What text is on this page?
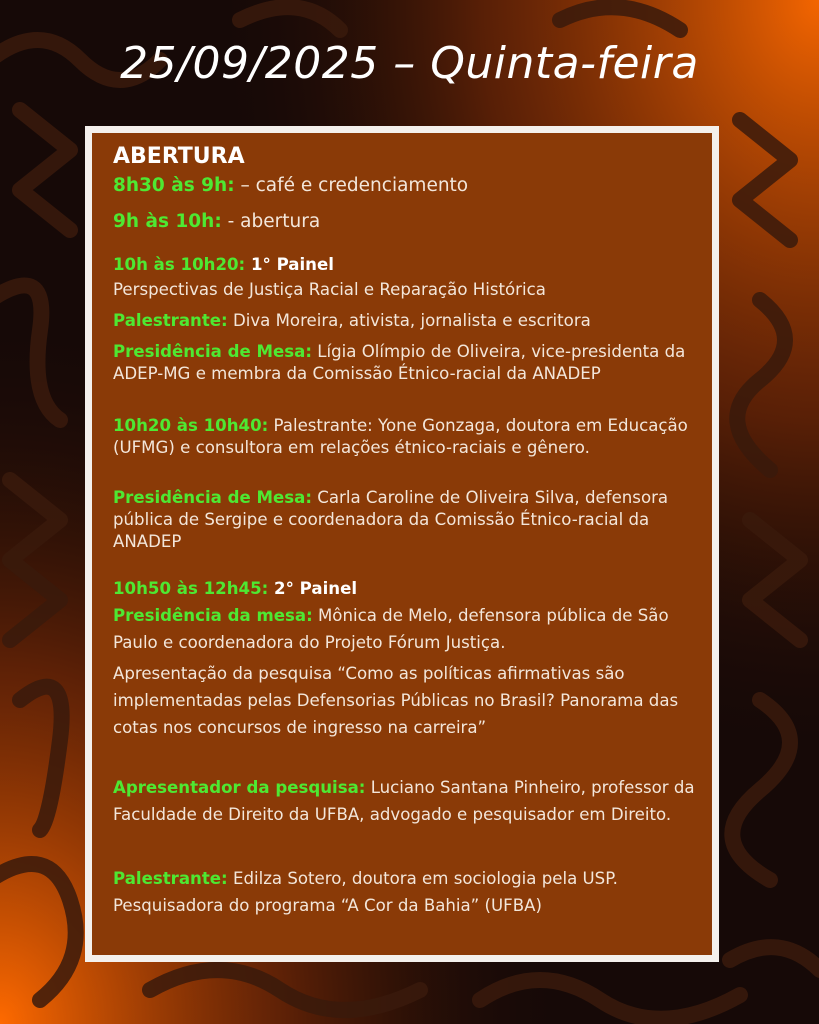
25/09/2025 – Quinta-feira
ABERTURA
8h30 às 9h: – café e credenciamento
9h às 10h: - abertura
10h às 10h20: 1° Painel
Perspectivas de Justiça Racial e Reparação Histórica
Palestrante: Diva Moreira, ativista, jornalista e escritora
Presidência de Mesa: Lígia Olímpio de Oliveira, vice-presidenta da ADEP-MG e membra da Comissão Étnico-racial da ANADEP
10h20 às 10h40: Palestrante: Yone Gonzaga, doutora em Educação (UFMG) e consultora em relações étnico-raciais e gênero.
Presidência de Mesa: Carla Caroline de Oliveira Silva, defensora pública de Sergipe e coordenadora da Comissão Étnico-racial da ANADEP
10h50 às 12h45: 2° Painel
Presidência da mesa: Mônica de Melo, defensora pública de São Paulo e coordenadora do Projeto Fórum Justiça.
Apresentação da pesquisa “Como as políticas afirmativas são implementadas pelas Defensorias Públicas no Brasil? Panorama das cotas nos concursos de ingresso na carreira”
Apresentador da pesquisa: Luciano Santana Pinheiro, professor da Faculdade de Direito da UFBA, advogado e pesquisador em Direito.
Palestrante: Edilza Sotero, doutora em sociologia pela USP. Pesquisadora do programa “A Cor da Bahia” (UFBA)
